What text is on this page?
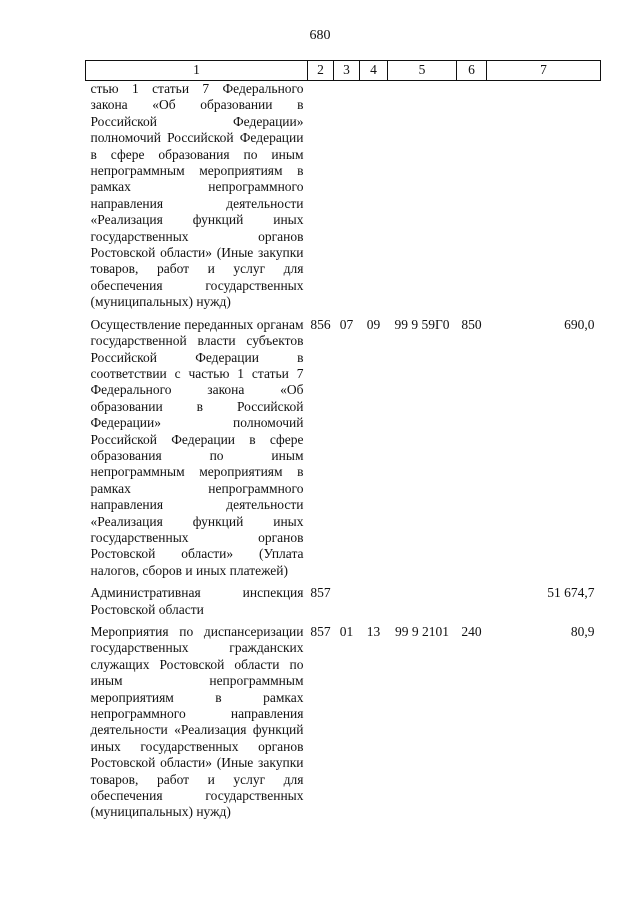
680
1	2	3	4	5	6	7
стью 1 статьи 7 Федерального закона «Об образовании в Российской Федерации» полномочий Российской Федерации в сфере образования по иным непрограммным мероприятиям в рамках непрограммного направления деятельности «Реализация функций иных государственных органов Ростовской области» (Иные закупки товаров, работ и услуг для обеспечения государственных (муниципальных) нужд)						
Осуществление переданных органам государственной власти субъектов Российской Федерации в соответствии с частью 1 статьи 7 Федерального закона «Об образовании в Российской Федерации» полномочий Российской Федерации в сфере образования по иным непрограммным мероприятиям в рамках непрограммного направления деятельности «Реализация функций иных государственных органов Ростовской области» (Уплата налогов, сборов и иных платежей)	856	07	09	99 9 59Г0	850	690,0
Административная инспекция Ростовской области	857					51 674,7
Мероприятия по диспансеризации государственных гражданских служащих Ростовской области по иным непрограммным мероприятиям в рамках непрограммного направления деятельности «Реализация функций иных государственных органов Ростовской области» (Иные закупки товаров, работ и услуг для обеспечения государственных (муниципальных) нужд)	857	01	13	99 9 2101	240	80,9
